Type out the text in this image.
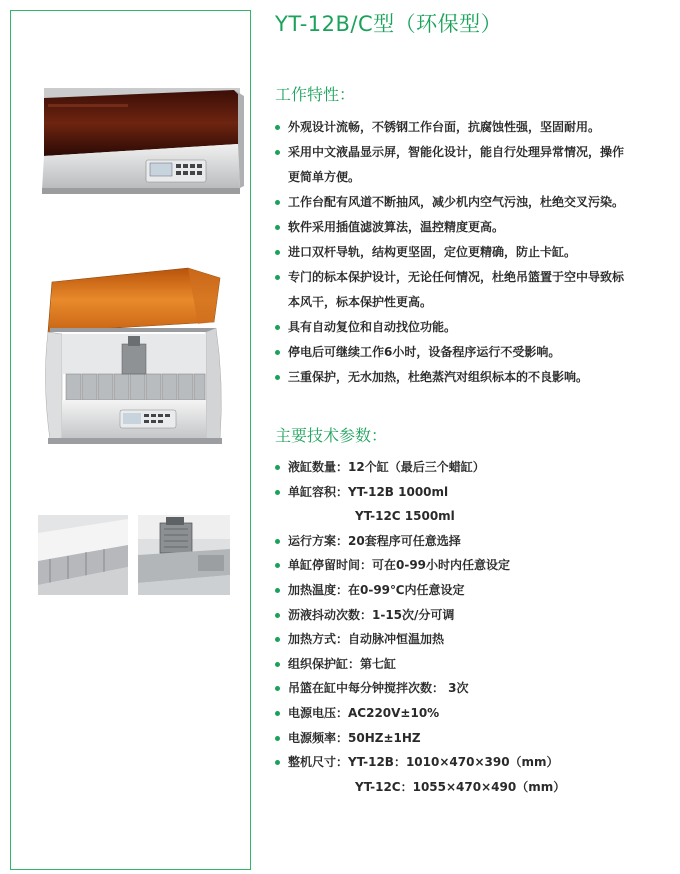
YT-12B/C型（环保型）
工作特性：
外观设计流畅，不锈钢工作台面，抗腐蚀性强，坚固耐用。
采用中文液晶显示屏，智能化设计，能自行处理异常情况，操作
更简单方便。
工作台配有风道不断抽风，减少机内空气污浊，杜绝交叉污染。
软件采用插值滤波算法，温控精度更高。
进口双杆导轨，结构更坚固，定位更精确，防止卡缸。
专门的标本保护设计，无论任何情况，杜绝吊篮置于空中导致标
本风干，标本保护性更高。
具有自动复位和自动找位功能。
停电后可继续工作6小时，设备程序运行不受影响。
三重保护，无水加热，杜绝蒸汽对组织标本的不良影响。
主要技术参数：
液缸数量：12个缸（最后三个蜡缸）
单缸容积：YT-12B 1000ml
YT-12C 1500ml
运行方案：20套程序可任意选择
单缸停留时间：可在0-99小时内任意设定
加热温度：在0-99℃内任意设定
沥液抖动次数：1-15次/分可调
加热方式：自动脉冲恒温加热
组织保护缸：第七缸
吊篮在缸中每分钟搅拌次数： 3次
电源电压：AC220V±10%
电源频率：50HZ±1HZ
整机尺寸：YT-12B：1010×470×390（mm）
YT-12C：1055×470×490（mm）
